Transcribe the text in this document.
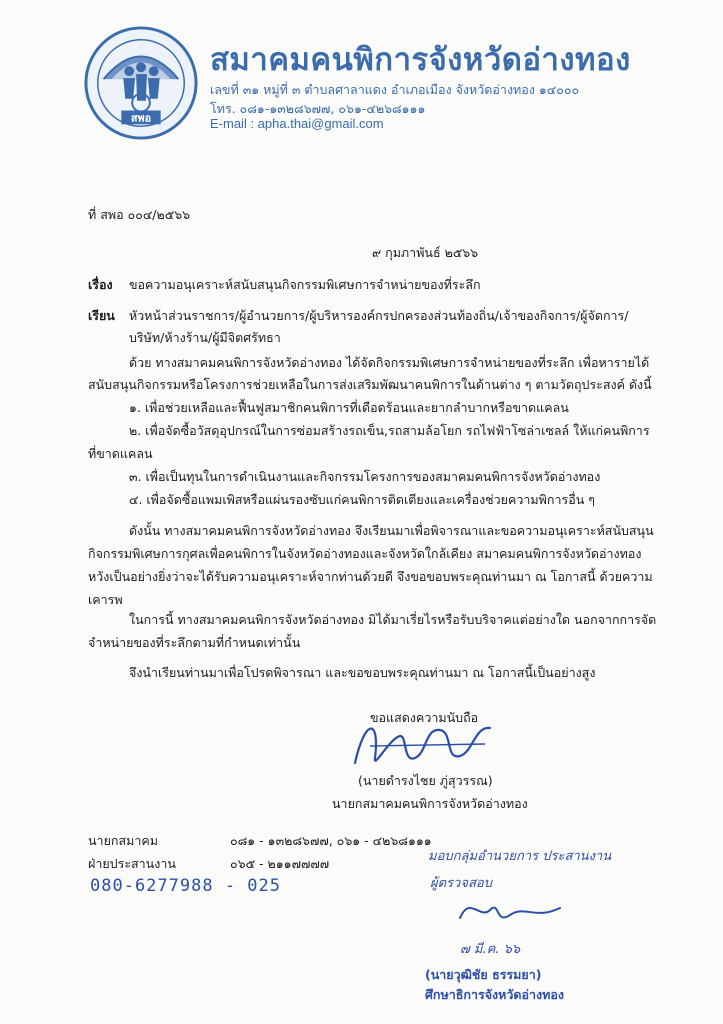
สพอ
สมาคมคนพิการจังหวัดอ่างทอง
เลขที่ ๓๑ หมู่ที่ ๓ ตำบลศาลาแดง อำเภอเมือง จังหวัดอ่างทอง ๑๔๐๐๐
โทร. ๐๘๑-๑๓๒๘๖๗๗, ๐๖๑-๔๒๖๘๑๑๑
E-mail : apha.thai@gmail.com
ที่ สพอ ๐๐๔/๒๕๖๖
๙ กุมภาพันธ์ ๒๕๖๖
เรื่อง ขอความอนุเคราะห์สนับสนุนกิจกรรมพิเศษการจำหน่ายของที่ระลึก
เรียน หัวหน้าส่วนราชการ/ผู้อำนวยการ/ผู้บริหารองค์กรปกครองส่วนท้องถิ่น/เจ้าของกิจการ/ผู้จัดการ/
บริษัท/ห้างร้าน/ผู้มีจิตศรัทธา
ด้วย ทางสมาคมคนพิการจังหวัดอ่างทอง ได้จัดกิจกรรมพิเศษการจำหน่ายของที่ระลึก เพื่อหารายได้
สนับสนุนกิจกรรมหรือโครงการช่วยเหลือในการส่งเสริมพัฒนาคนพิการในด้านต่าง ๆ ตามวัตถุประสงค์ ดังนี้
๑. เพื่อช่วยเหลือและฟื้นฟูสมาชิกคนพิการที่เดือดร้อนและยากลำบากหรือขาดแคลน
๒. เพื่อจัดซื้อวัสดุอุปกรณ์ในการซ่อมสร้างรถเข็น,รถสามล้อโยก รถไฟฟ้าโซล่าเซลล์ ให้แก่คนพิการ
ที่ขาดแคลน
๓. เพื่อเป็นทุนในการดำเนินงานและกิจกรรมโครงการของสมาคมคนพิการจังหวัดอ่างทอง
๔. เพื่อจัดซื้อแพมเพิสหรือแผ่นรองซับแก่คนพิการติดเตียงและเครื่องช่วยความพิการอื่น ๆ
ดังนั้น ทางสมาคมคนพิการจังหวัดอ่างทอง จึงเรียนมาเพื่อพิจารณาและขอความอนุเคราะห์สนับสนุน
กิจกรรมพิเศษการกุศลเพื่อคนพิการในจังหวัดอ่างทองและจังหวัดใกล้เคียง สมาคมคนพิการจังหวัดอ่างทอง
หวังเป็นอย่างยิ่งว่าจะได้รับความอนุเคราะห์จากท่านด้วยดี จึงขอขอบพระคุณท่านมา ณ โอกาสนี้ ด้วยความ
เคารพ
ในการนี้ ทางสมาคมคนพิการจังหวัดอ่างทอง มิได้มาเรี่ยไรหรือรับบริจาคแต่อย่างใด นอกจากการจัด
จำหน่ายของที่ระลึกตามที่กำหนดเท่านั้น
จึงนำเรียนท่านมาเพื่อโปรดพิจารณา และขอขอบพระคุณท่านมา ณ โอกาสนี้เป็นอย่างสูง
ขอแสดงความนับถือ
(นายดำรงไชย ภู่สุวรรณ)
นายกสมาคมคนพิการจังหวัดอ่างทอง
นายกสมาคม	๐๘๑ - ๑๓๒๘๖๗๗, ๐๖๑ - ๔๒๖๘๑๑๑
ฝ่ายประสานงาน	๐๖๕ - ๒๑๑๗๗๗๗
080-6277988 - 025
มอบกลุ่มอำนวยการ ประสานงาน
ผู้ตรวจสอบ
๗ มี.ค. ๖๖
(นายวุฒิชัย ธรรมยา)
ศึกษาธิการจังหวัดอ่างทอง
